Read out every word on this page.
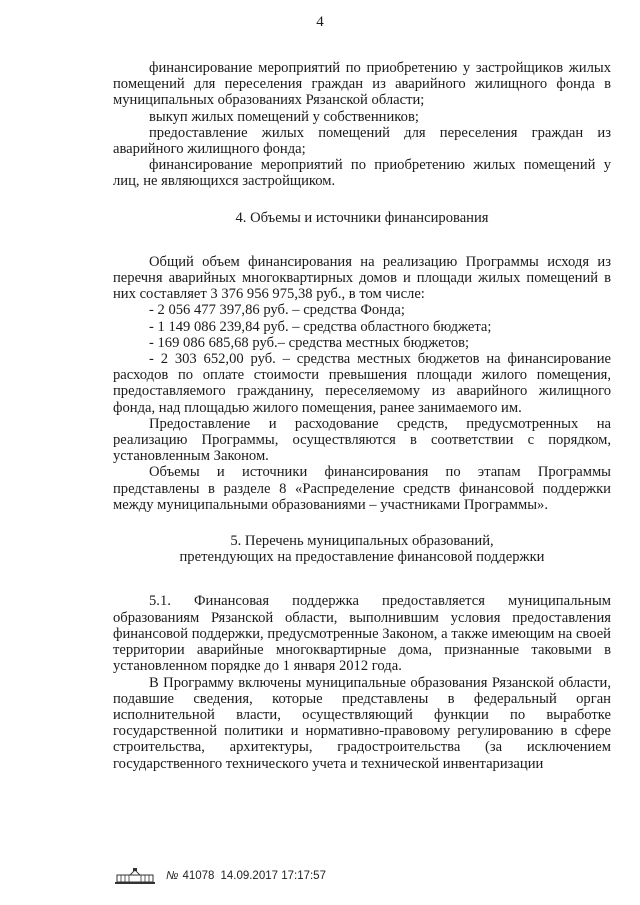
4

финансирование мероприятий по приобретению у застройщиков жилых помещений для переселения граждан из аварийного жилищного фонда в муниципальных образованиях Рязанской области;

выкуп жилых помещений у собственников;

предоставление жилых помещений для переселения граждан из аварийного жилищного фонда;

финансирование мероприятий по приобретению жилых помещений у лиц, не являющихся застройщиком.

4. Объемы и источники финансирования

Общий объем финансирования на реализацию Программы исходя из перечня аварийных многоквартирных домов и площади жилых помещений в них составляет 3 376 956 975,38 руб., в том числе:

- 2 056 477 397,86 руб. – средства Фонда;

- 1 149 086 239,84 руб. – средства областного бюджета;

- 169 086 685,68 руб.– средства местных бюджетов;

- 2 303 652,00 руб. – средства местных бюджетов на финансирование расходов по оплате стоимости превышения площади жилого помещения, предоставляемого гражданину, переселяемому из аварийного жилищного фонда, над площадью жилого помещения, ранее занимаемого им.

Предоставление и расходование средств, предусмотренных на реализацию Программы, осуществляются в соответствии с порядком, установленным Законом.

Объемы и источники финансирования по этапам Программы представлены в разделе 8 «Распределение средств финансовой поддержки между муниципальными образованиями – участниками Программы».

5. Перечень муниципальных образований,

претендующих на предоставление финансовой поддержки

5.1. Финансовая поддержка предоставляется муниципальным образованиям Рязанской области, выполнившим условия предоставления финансовой поддержки, предусмотренные Законом, а также имеющим на своей территории аварийные многоквартирные дома, признанные таковыми в установленном порядке до 1 января 2012 года.

В Программу включены муниципальные образования Рязанской области, подавшие сведения, которые представлены в федеральный орган исполнительной власти, осуществляющий функции по выработке государственной политики и нормативно-правовому регулированию в сфере строительства, архитектуры, градостроительства (за исключением государственного технического учета и технической инвентаризации

№ 41078 14.09.2017 17:17:57
